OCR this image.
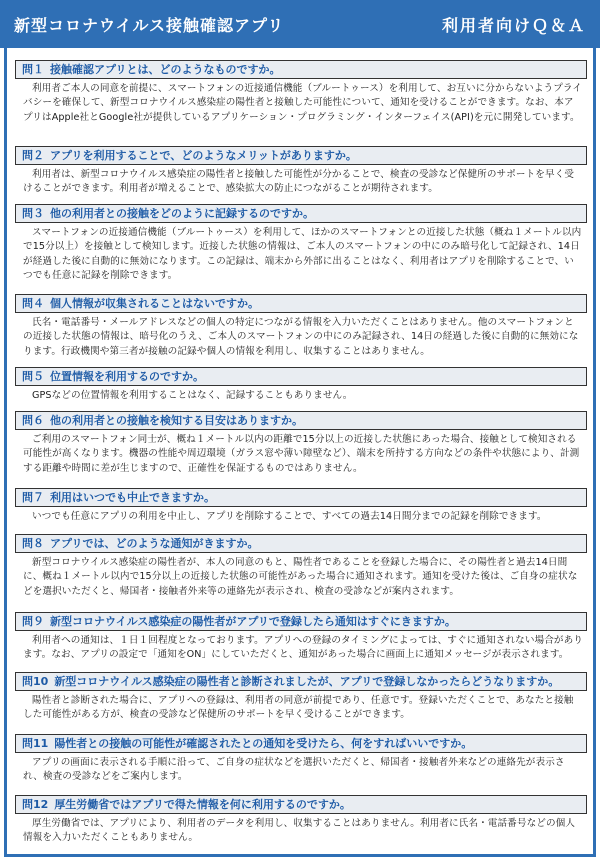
新型コロナウイルス接触確認アプリ	利用者向けＱ＆Ａ
問１ 接触確認アプリとは、どのようなものですか。
利用者ご本人の同意を前提に、スマートフォンの近接通信機能（ブルートゥース）を利用して、お互いに分からないようプライバシーを確保して、新型コロナウイルス感染症の陽性者と接触した可能性について、通知を受けることができます。なお、本アプリはApple社とGoogle社が提供しているアプリケーション・プログラミング・インターフェイス(API)を元に開発しています。
問２ アプリを利用することで、どのようなメリットがありますか。
利用者は、新型コロナウイルス感染症の陽性者と接触した可能性が分かることで、検査の受診など保健所のサポートを早く受けることができます。利用者が増えることで、感染拡大の防止につながることが期待されます。
問３ 他の利用者との接触をどのように記録するのですか。
スマートフォンの近接通信機能（ブルートゥース）を利用して、ほかのスマートフォンとの近接した状態（概ね１メートル以内で15分以上）を接触として検知します。近接した状態の情報は、ご本人のスマートフォンの中にのみ暗号化して記録され、14日が経過した後に自動的に無効になります。この記録は、端末から外部に出ることはなく、利用者はアプリを削除することで、いつでも任意に記録を削除できます。
問４ 個人情報が収集されることはないですか。
氏名・電話番号・メールアドレスなどの個人の特定につながる情報を入力いただくことはありません。他のスマートフォンとの近接した状態の情報は、暗号化のうえ、ご本人のスマートフォンの中にのみ記録され、14日の経過した後に自動的に無効になります。行政機関や第三者が接触の記録や個人の情報を利用し、収集することはありません。
問５ 位置情報を利用するのですか。
GPSなどの位置情報を利用することはなく、記録することもありません。
問６ 他の利用者との接触を検知する目安はありますか。
ご利用のスマートフォン同士が、概ね１メートル以内の距離で15分以上の近接した状態にあった場合、接触として検知される可能性が高くなります。機器の性能や周辺環境（ガラス窓や薄い障壁など）、端末を所持する方向などの条件や状態により、計測する距離や時間に差が生じますので、正確性を保証するものではありません。
問７ 利用はいつでも中止できますか。
いつでも任意にアプリの利用を中止し、アプリを削除することで、すべての過去14日間分までの記録を削除できます。
問８ アプリでは、どのような通知がきますか。
新型コロナウイルス感染症の陽性者が、本人の同意のもと、陽性者であることを登録した場合に、その陽性者と過去14日間に、概ね１メートル以内で15分以上の近接した状態の可能性があった場合に通知されます。通知を受けた後は、ご自身の症状などを選択いただくと、帰国者・接触者外来等の連絡先が表示され、検査の受診などが案内されます。
問９ 新型コロナウイルス感染症の陽性者がアプリで登録したら通知はすぐにきますか。
利用者への通知は、１日１回程度となっております。アプリへの登録のタイミングによっては、すぐに通知されない場合があります。なお、アプリの設定で「通知をON」にしていただくと、通知があった場合に画面上に通知メッセージが表示されます。
問10 新型コロナウイルス感染症の陽性者と診断されましたが、アプリで登録しなかったらどうなりますか。
陽性者と診断された場合に、アプリへの登録は、利用者の同意が前提であり、任意です。登録いただくことで、あなたと接触した可能性がある方が、検査の受診など保健所のサポートを早く受けることができます。
問11 陽性者との接触の可能性が確認されたとの通知を受けたら、何をすればいいですか。
アプリの画面に表示される手順に沿って、ご自身の症状などを選択いただくと、帰国者・接触者外来などの連絡先が表示され、検査の受診などをご案内します。
問12 厚生労働省ではアプリで得た情報を何に利用するのですか。
厚生労働省では、アプリにより、利用者のデータを利用し、収集することはありません。利用者に氏名・電話番号などの個人情報を入力いただくこともありません。
